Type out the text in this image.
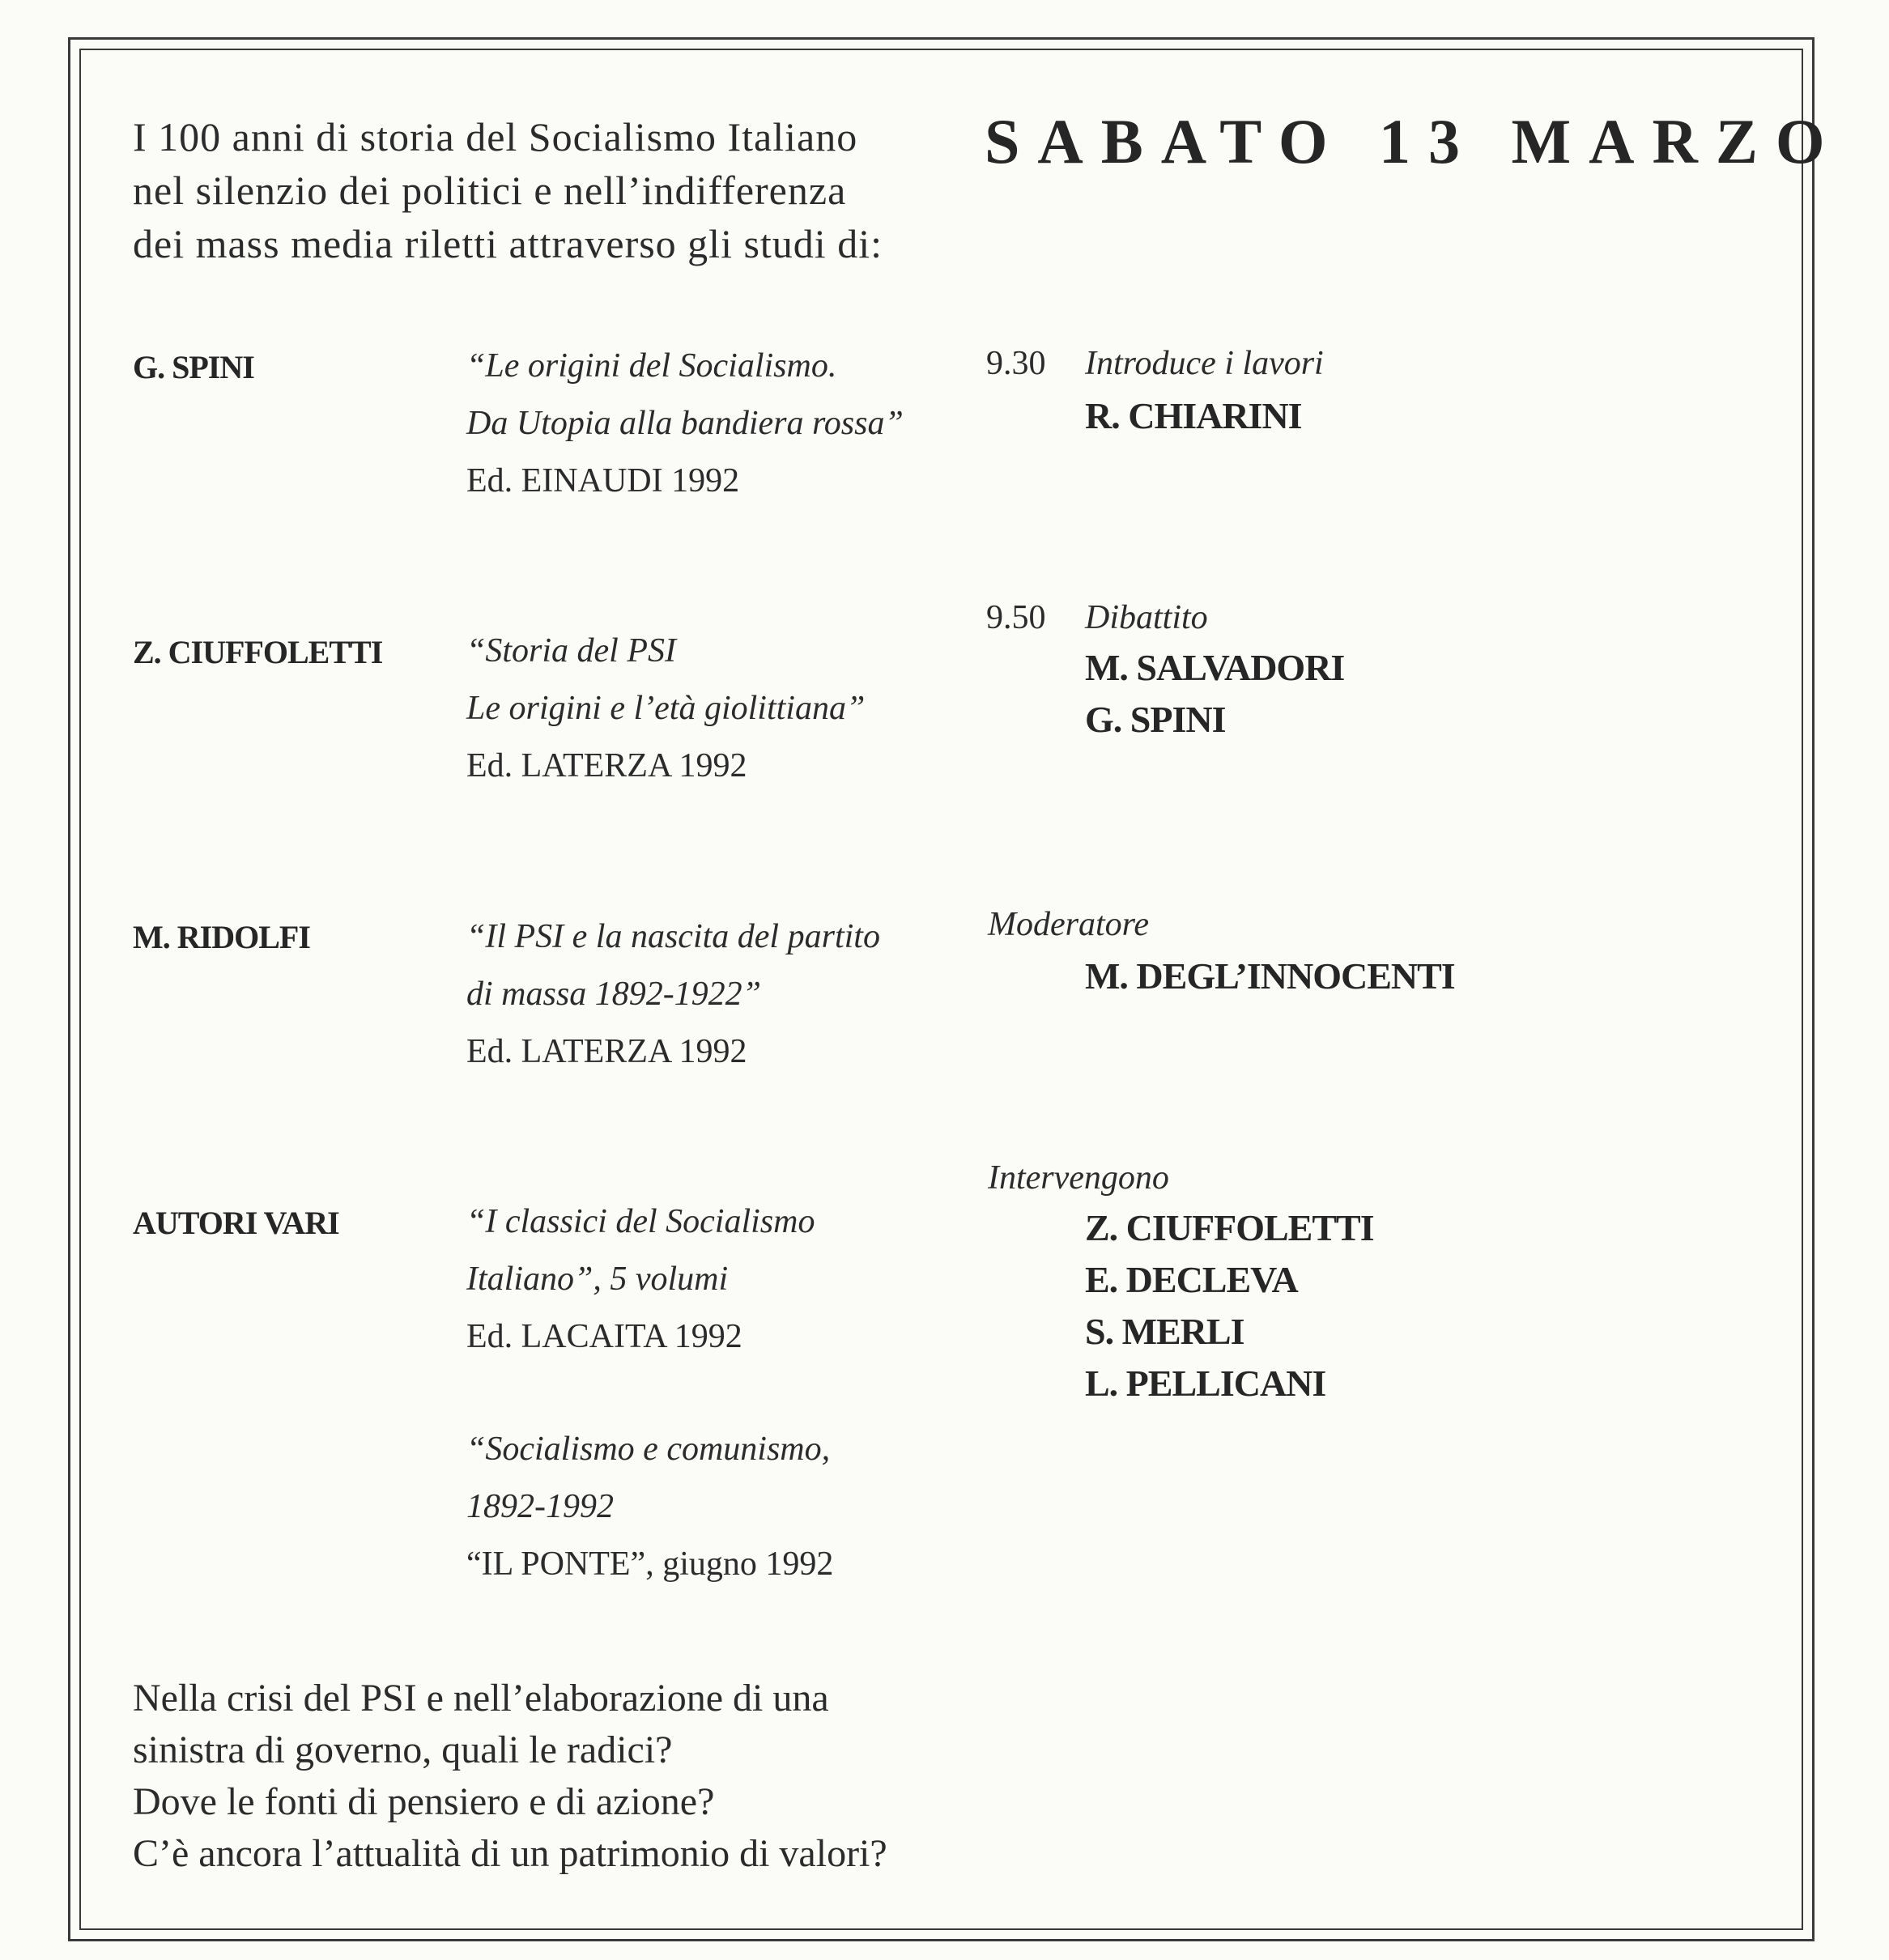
I 100 anni di storia del Socialismo Italiano
nel silenzio dei politici e nell’indifferenza
dei mass media riletti attraverso gli studi di:
SABATO 13 MARZO
G. SPINI	“Le origini del Socialismo.
Da Utopia alla bandiera rossa”
Ed. EINAUDI 1992
Z. CIUFFOLETTI “Storia del PSI
Le origini e l’età giolittiana”
Ed. LATERZA 1992
M. RIDOLFI	“Il PSI e la nascita del partito
di massa 1892-1922”
Ed. LATERZA 1992
AUTORI VARI	“I classici del Socialismo
Italiano”, 5 volumi
Ed. LACAITA 1992
“Socialismo e comunismo,
1892-1992
“IL PONTE”, giugno 1992
9.30 Introduce i lavori
R. CHIARINI
9.50 Dibattito
M. SALVADORI
G. SPINI
Moderatore
M. DEGL’INNOCENTI
Intervengono
Z. CIUFFOLETTI
E. DECLEVA
S. MERLI
L. PELLICANI
Nella crisi del PSI e nell’elaborazione di una
sinistra di governo, quali le radici?
Dove le fonti di pensiero e di azione?
C’è ancora l’attualità di un patrimonio di valori?
